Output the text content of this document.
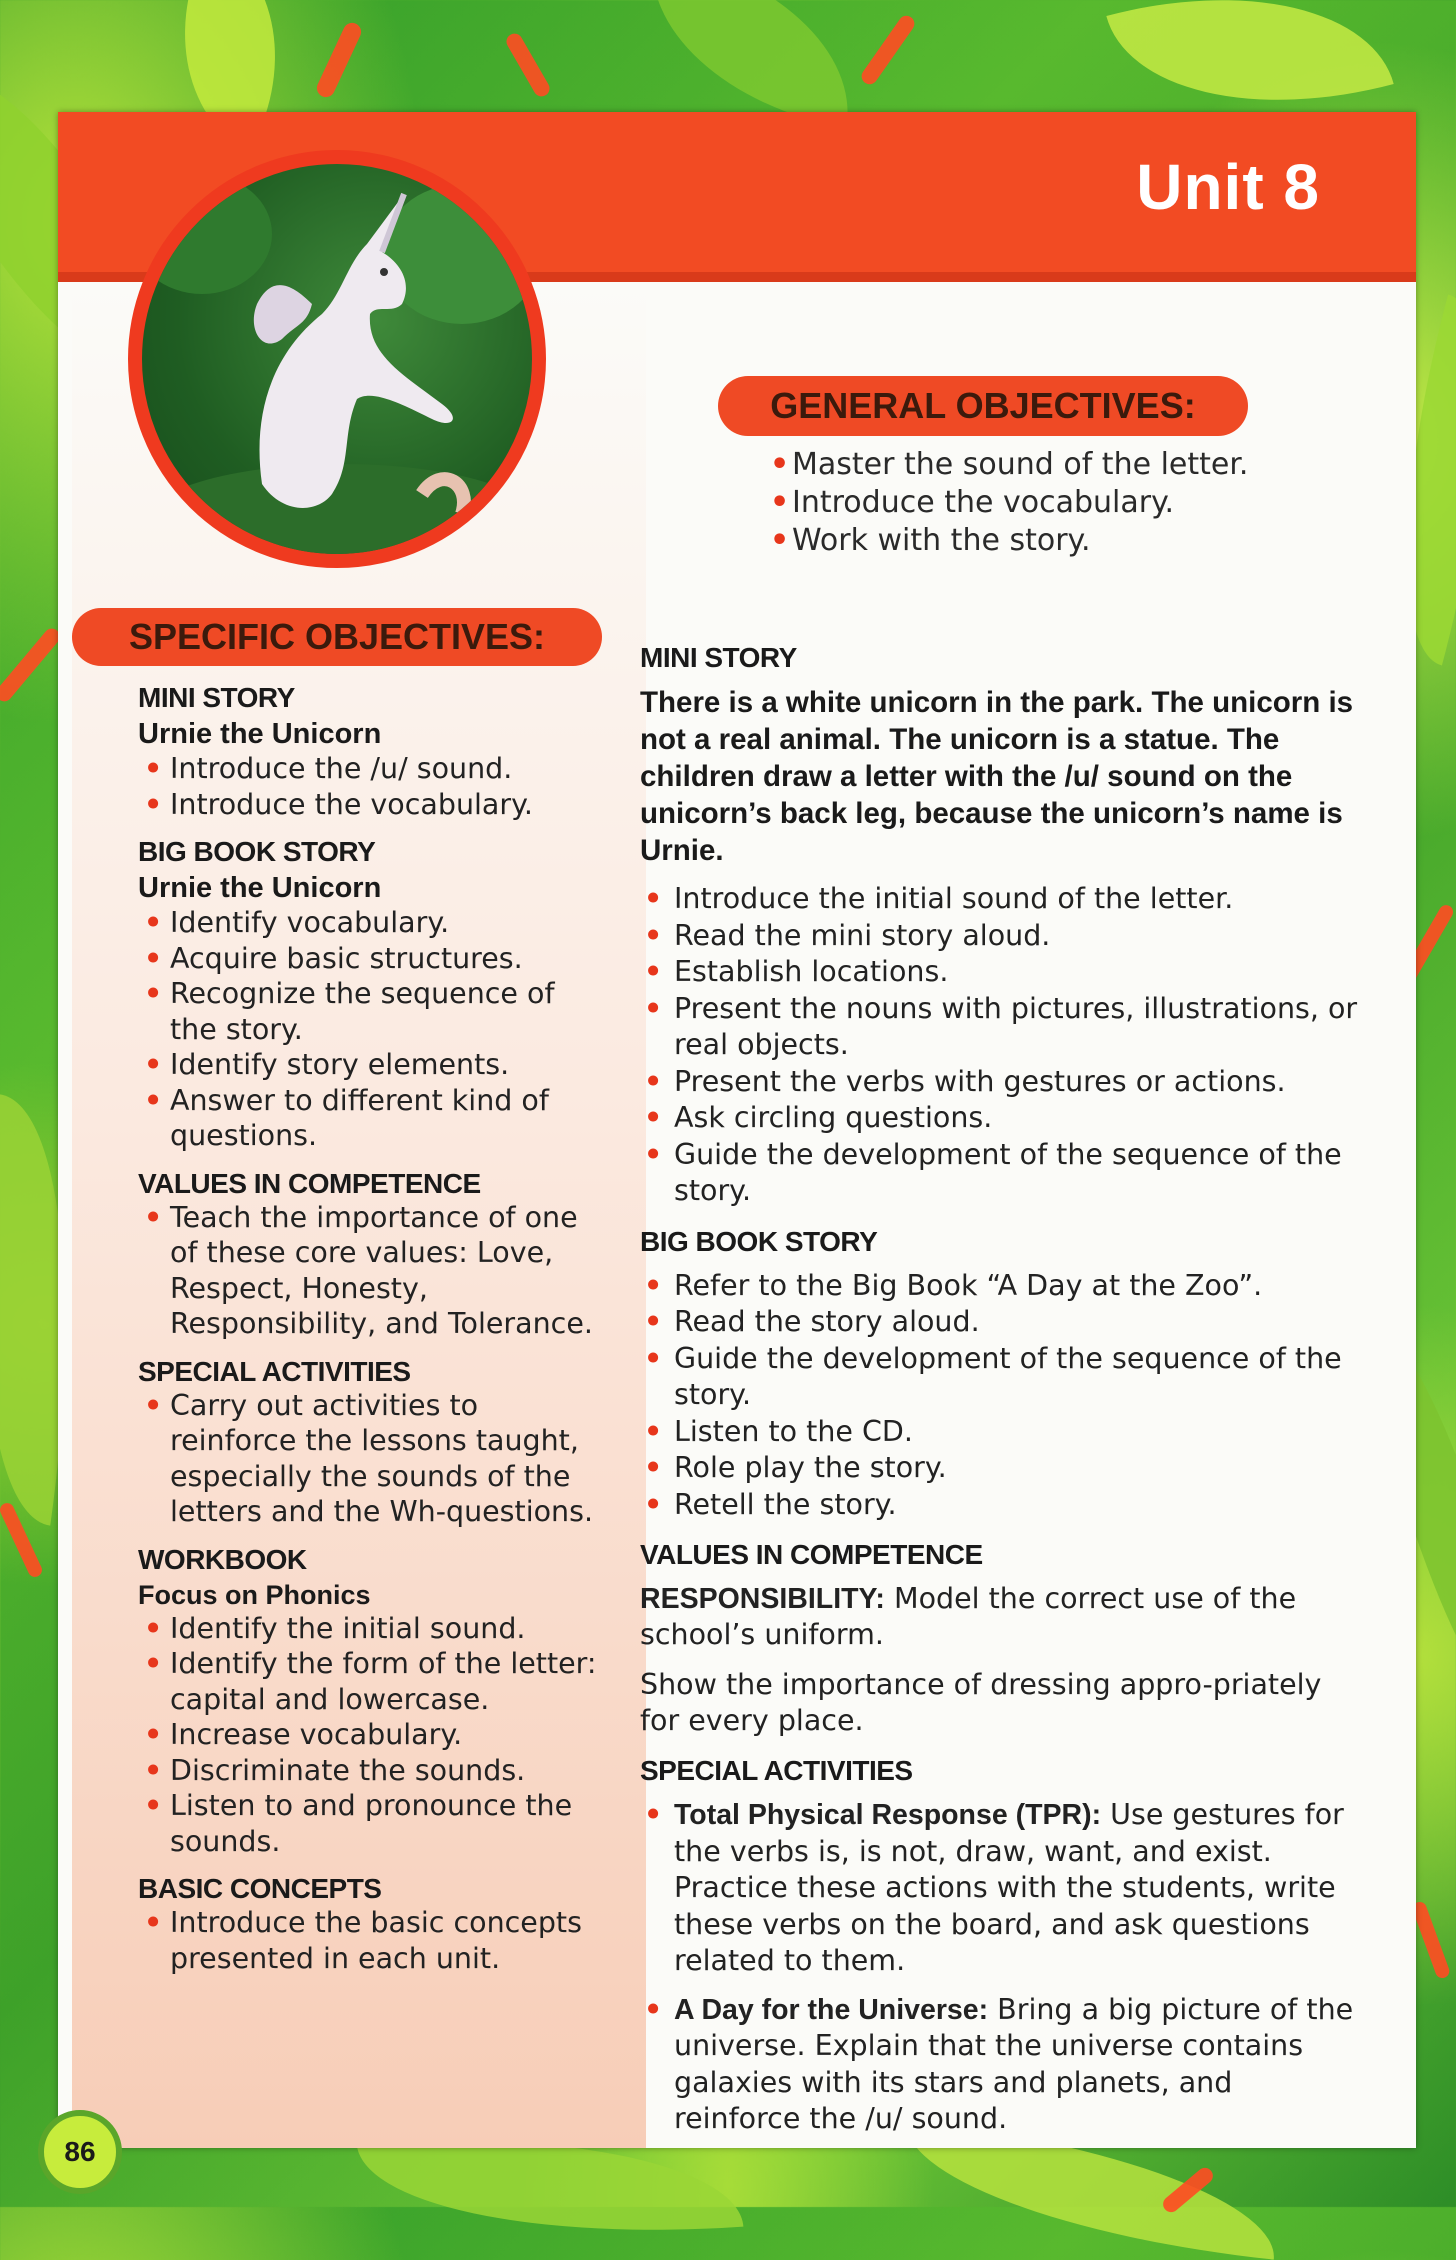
Unit 8
GENERAL OBJECTIVES:
• Master the sound of the letter.
• Introduce the vocabulary.
• Work with the story.
SPECIFIC OBJECTIVES:
MINI STORY
Urnie the Unicorn
• Introduce the /u/ sound.
• Introduce the vocabulary.
BIG BOOK STORY
Urnie the Unicorn
• Identify vocabulary.
• Acquire basic structures.
• Recognize the sequence of the story.
• Identify story elements.
• Answer to different kind of questions.
VALUES IN COMPETENCE
• Teach the importance of one of these core values: Love, Respect, Honesty, Responsibility, and Tolerance.
SPECIAL ACTIVITIES
• Carry out activities to reinforce the lessons taught, especially the sounds of the letters and the Wh-questions.
WORKBOOK
Focus on Phonics
• Identify the initial sound.
• Identify the form of the letter: capital and lowercase.
• Increase vocabulary.
• Discriminate the sounds.
• Listen to and pronounce the sounds.
BASIC CONCEPTS
• Introduce the basic concepts presented in each unit.
MINI STORY

There is a white unicorn in the park. The unicorn is not a real animal. The unicorn is a statue. The children draw a letter with the /u/ sound on the unicorn’s back leg, because the unicorn’s name is Urnie.

• Introduce the initial sound of the letter.
• Read the mini story aloud.
• Establish locations.
• Present the nouns with pictures, illustrations, or real objects.
• Present the verbs with gestures or actions.
• Ask circling questions.
• Guide the development of the sequence of the story.
BIG BOOK STORY
• Refer to the Big Book “A Day at the Zoo”.
• Read the story aloud.
• Guide the development of the sequence of the story.
• Listen to the CD.
• Role play the story.
• Retell the story.
VALUES IN COMPETENCE

RESPONSIBILITY: Model the correct use of the school’s uniform.

Show the importance of dressing appro-priately for every place.

SPECIAL ACTIVITIES
• Total Physical Response (TPR): Use gestures for the verbs is, is not, draw, want, and exist. Practice these actions with the students, write these verbs on the board, and ask questions related to them.
• A Day for the Universe: Bring a big picture of the universe. Explain that the universe contains galaxies with its stars and planets, and reinforce the /u/ sound.
86
